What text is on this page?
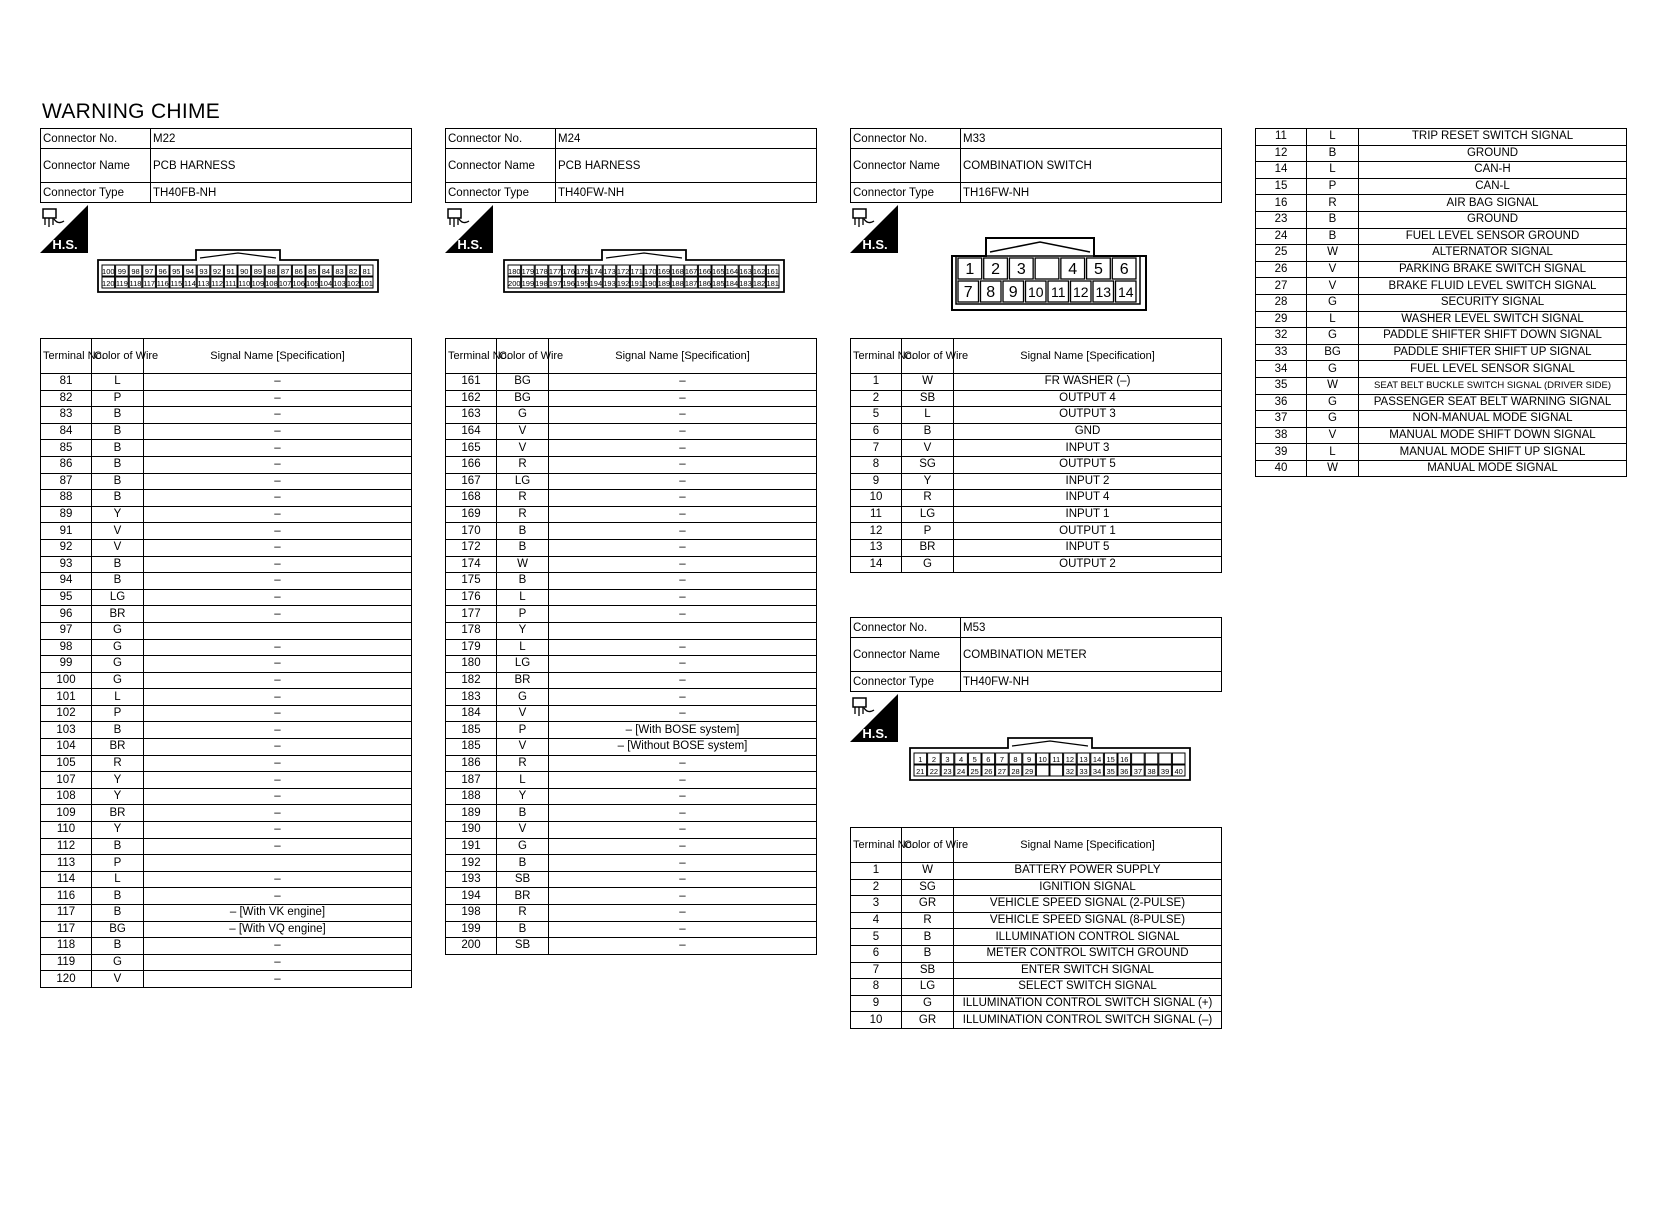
WARNING CHIME
Connector No.	M22
Connector Name	PCB HARNESS
Connector Type	TH40FB-NH
H.S.
100 99 98 97 96 95 94 93 92 91 90 89 88 87 86 85 84 83 82 81
120 119 118 117 116 115 114 113 112 111 110 109 108 107 106 105 104 103 102 101
Terminal No.	Color of Wire	Signal Name [Specification]
81	L	–
82	P	–
83	B	–
84	B	–
85	B	–
86	B	–
87	B	–
88	B	–
89	Y	–
91	V	–
92	V	–
93	B	–
94	B	–
95	LG	–
96	BR	–
97	G	
98	G	–
99	G	–
100	G	–
101	L	–
102	P	–
103	B	–
104	BR	–
105	R	–
107	Y	–
108	Y	–
109	BR	–
110	Y	–
112	B	–
113	P	
114	L	–
116	B	–
117	B	– [With VK engine]
117	BG	– [With VQ engine]
118	B	–
119	G	–
120	V	–
Connector No.	M24
Connector Name	PCB HARNESS
Connector Type	TH40FW-NH
H.S.
180 179 178 177 176 175 174 173 172 171 170 169 168 167 166 165 164 163 162 161
200 199 198 197 196 195 194 193 192 191 190 189 188 187 186 185 184 183 182 181
Terminal No.	Color of Wire	Signal Name [Specification]
161	BG	–
162	BG	–
163	G	–
164	V	–
165	V	–
166	R	–
167	LG	–
168	R	–
169	R	–
170	B	–
172	B	–
174	W	–
175	B	–
176	L	–
177	P	–
178	Y	
179	L	–
180	LG	–
182	BR	–
183	G	–
184	V	–
185	P	– [With BOSE system]
185	V	– [Without BOSE system]
186	R	–
187	L	–
188	Y	–
189	B	–
190	V	–
191	G	–
192	B	–
193	SB	–
194	BR	–
198	R	–
199	B	–
200	SB	–
Connector No.	M33
Connector Name	COMBINATION SWITCH
Connector Type	TH16FW-NH
H.S.
1 2 3	4 5 6
7 8 9 10 11 12 13 14
Terminal No.	Color of Wire	Signal Name [Specification]
1	W	FR WASHER (–)
2	SB	OUTPUT 4
5	L	OUTPUT 3
6	B	GND
7	V	INPUT 3
8	SG	OUTPUT 5
9	Y	INPUT 2
10	R	INPUT 4
11	LG	INPUT 1
12	P	OUTPUT 1
13	BR	INPUT 5
14	G	OUTPUT 2
Connector No.	M53
Connector Name	COMBINATION METER
Connector Type	TH40FW-NH
H.S.
1 2 3 4 5 6 7 8 9 10 11 12 13 14 15 16
21 22 23 24 25 26 27 28 29	32 33 34 35 36 37 38 39 40
Terminal No.	Color of Wire	Signal Name [Specification]
1	W	BATTERY POWER SUPPLY
2	SG	IGNITION SIGNAL
3	GR	VEHICLE SPEED SIGNAL (2-PULSE)
4	R	VEHICLE SPEED SIGNAL (8-PULSE)
5	B	ILLUMINATION CONTROL SIGNAL
6	B	METER CONTROL SWITCH GROUND
7	SB	ENTER SWITCH SIGNAL
8	LG	SELECT SWITCH SIGNAL
9	G	ILLUMINATION CONTROL SWITCH SIGNAL (+)
10	GR	ILLUMINATION CONTROL SWITCH SIGNAL (–)
11	L	TRIP RESET SWITCH SIGNAL
12	B	GROUND
14	L	CAN-H
15	P	CAN-L
16	R	AIR BAG SIGNAL
23	B	GROUND
24	B	FUEL LEVEL SENSOR GROUND
25	W	ALTERNATOR SIGNAL
26	V	PARKING BRAKE SWITCH SIGNAL
27	V	BRAKE FLUID LEVEL SWITCH SIGNAL
28	G	SECURITY SIGNAL
29	L	WASHER LEVEL SWITCH SIGNAL
32	G	PADDLE SHIFTER SHIFT DOWN SIGNAL
33	BG	PADDLE SHIFTER SHIFT UP SIGNAL
34	G	FUEL LEVEL SENSOR SIGNAL
35	W	SEAT BELT BUCKLE SWITCH SIGNAL (DRIVER SIDE)
36	G	PASSENGER SEAT BELT WARNING SIGNAL
37	G	NON-MANUAL MODE SIGNAL
38	V	MANUAL MODE SHIFT DOWN SIGNAL
39	L	MANUAL MODE SHIFT UP SIGNAL
40	W	MANUAL MODE SIGNAL
